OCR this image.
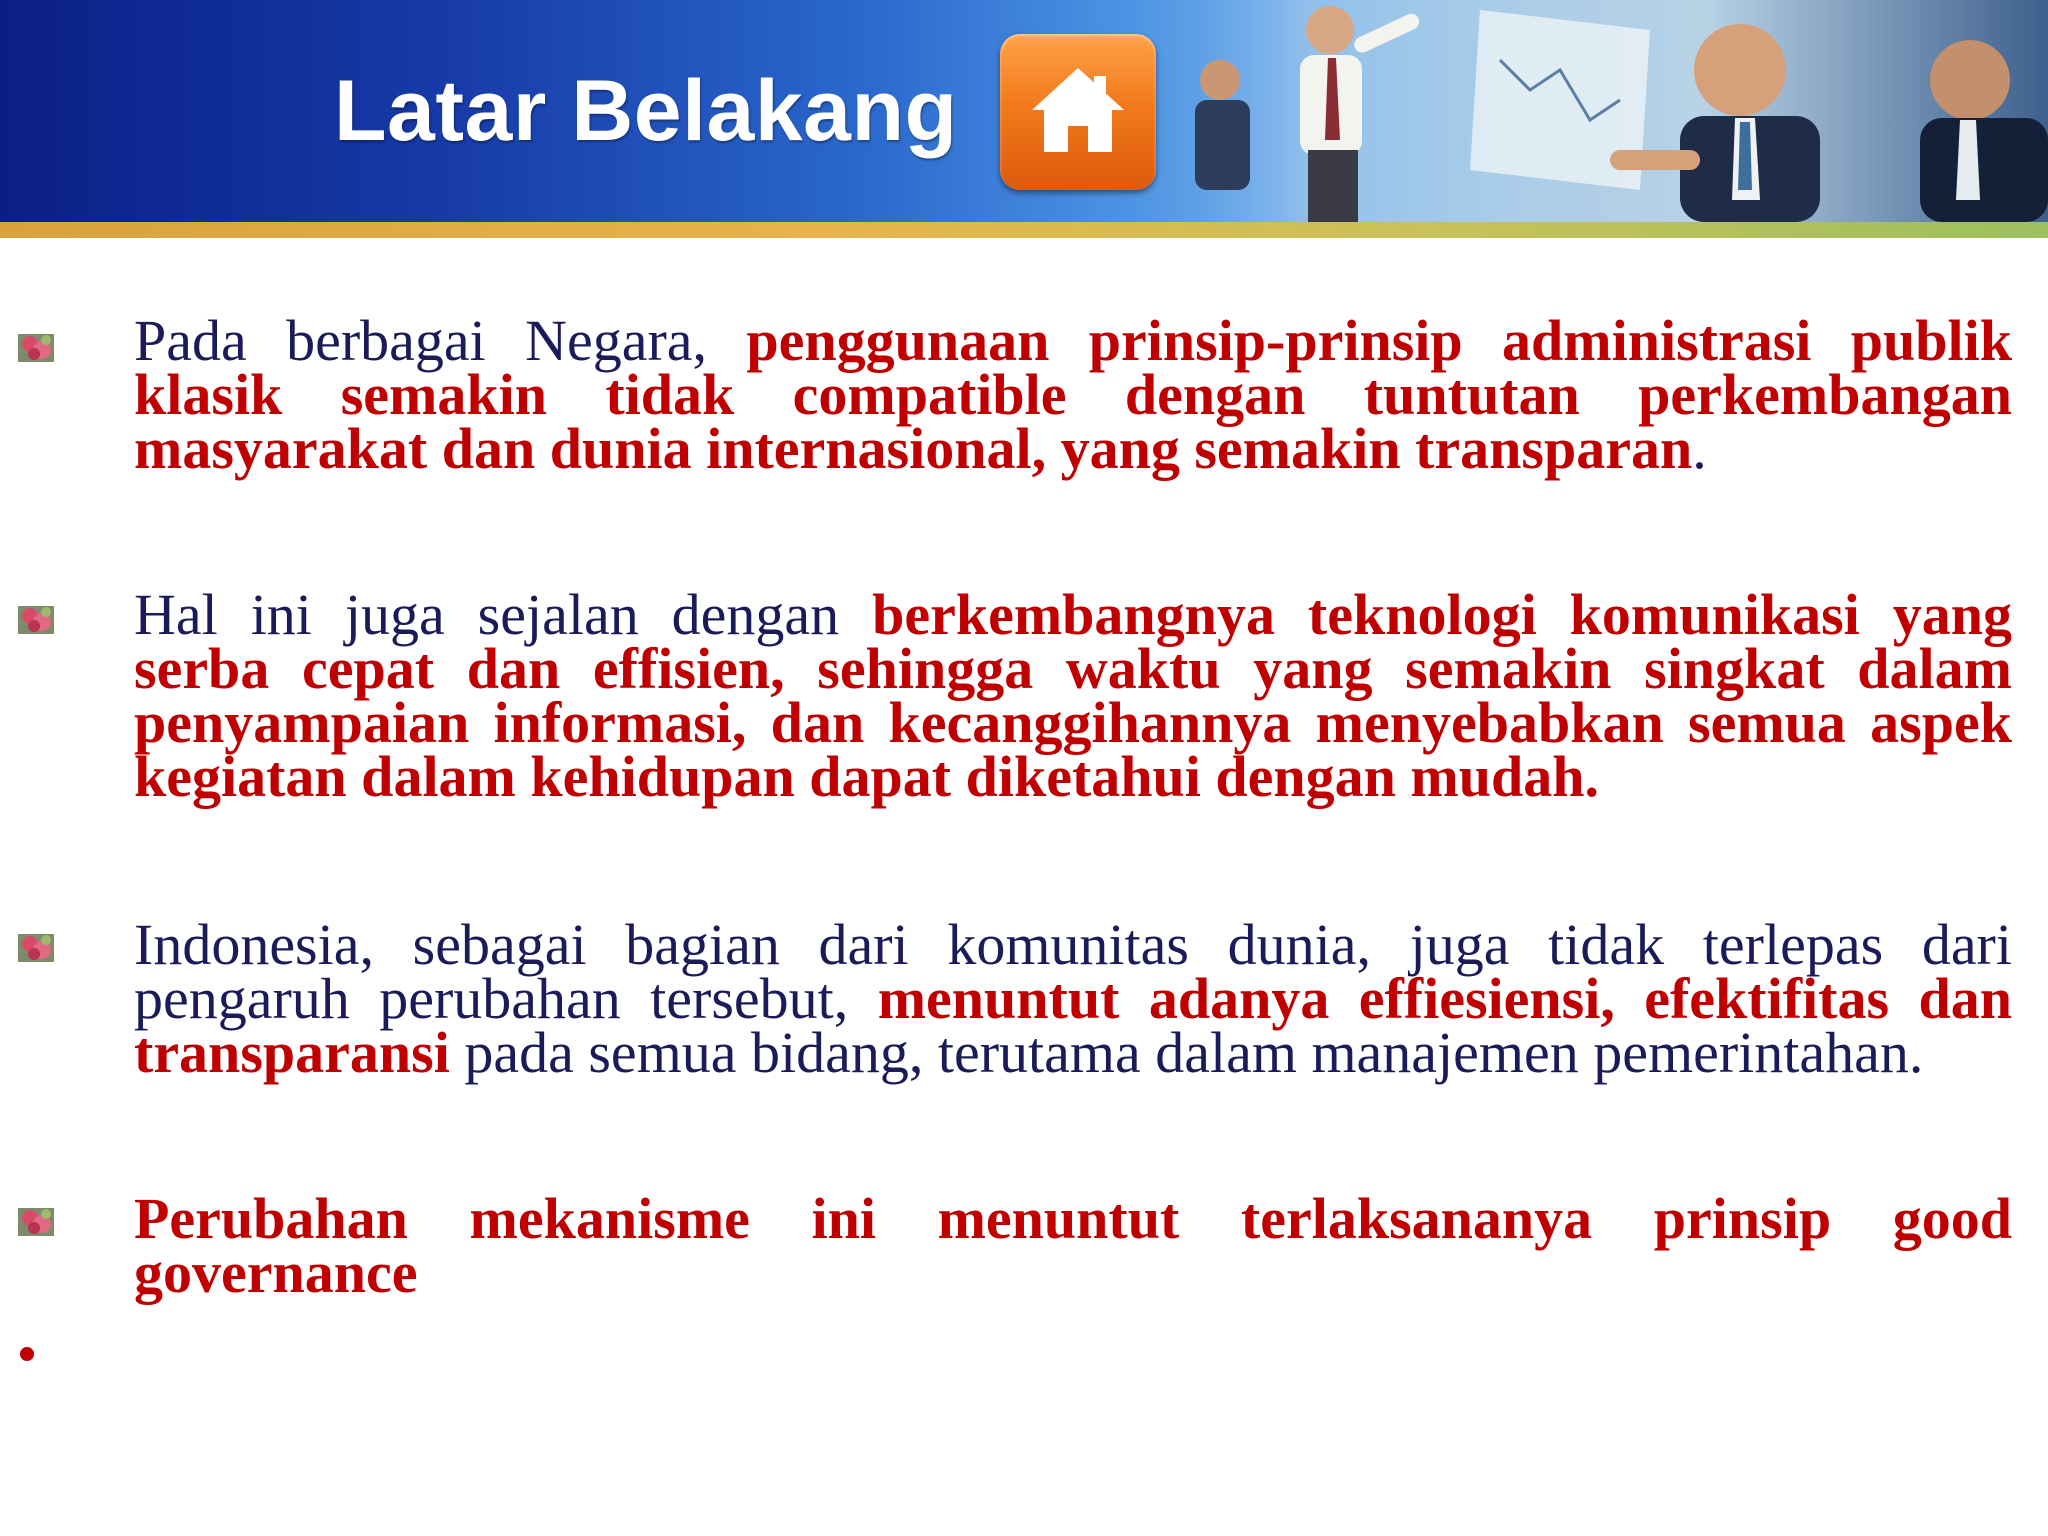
Latar Belakang

Pada berbagai Negara, penggunaan prinsip-prinsip administrasi publik klasik semakin tidak compatible dengan tuntutan perkembangan masyarakat dan dunia internasional, yang semakin transparan.

Hal ini juga sejalan dengan berkembangnya teknologi komunikasi yang serba cepat dan effisien, sehingga waktu yang semakin singkat dalam penyampaian informasi, dan kecanggihannya menyebabkan semua aspek kegiatan dalam kehidupan dapat diketahui dengan mudah.

Indonesia, sebagai bagian dari komunitas dunia, juga tidak terlepas dari pengaruh perubahan tersebut, menuntut adanya effiesiensi, efektifitas dan transparansi pada semua bidang, terutama dalam manajemen pemerintahan.

Perubahan mekanisme ini menuntut terlaksananya prinsip good governance
